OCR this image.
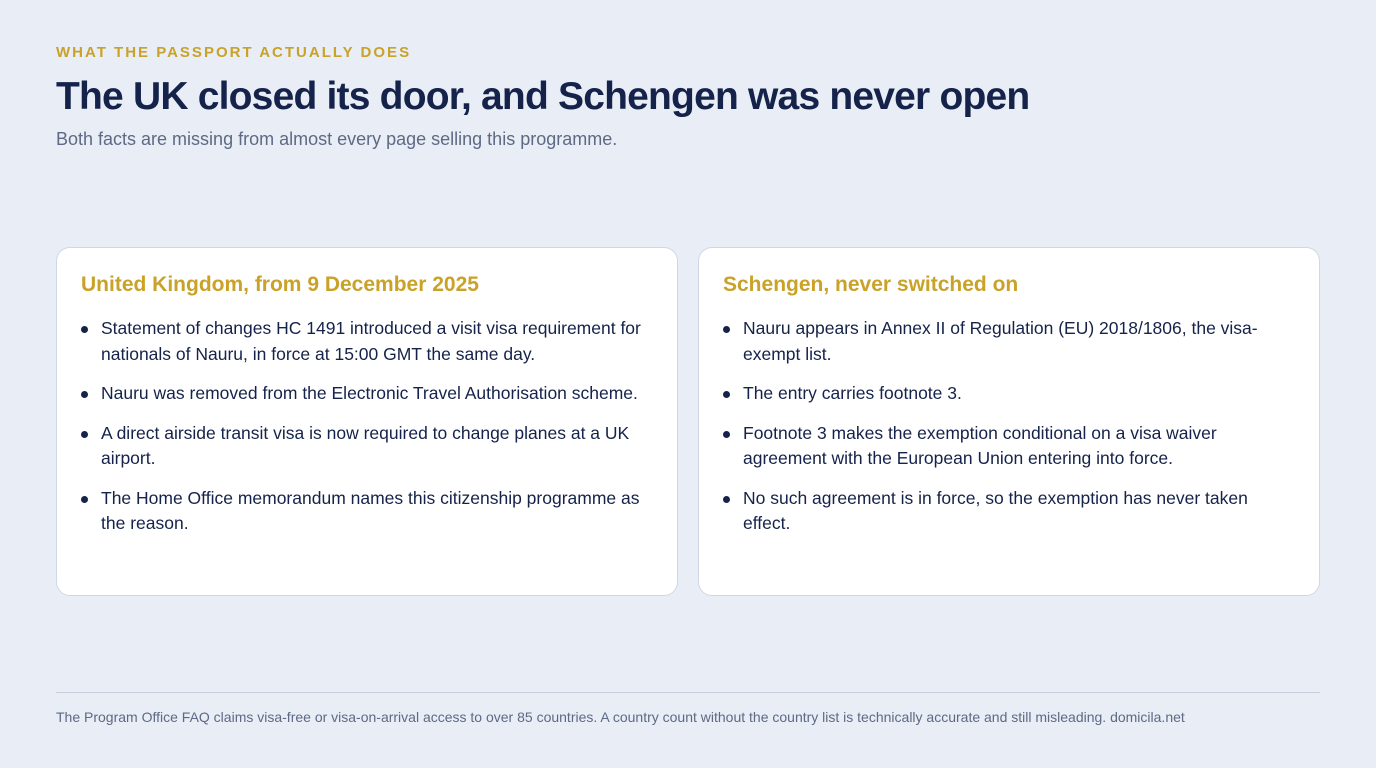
WHAT THE PASSPORT ACTUALLY DOES

The UK closed its door, and Schengen was never open

Both facts are missing from almost every page selling this programme.

United Kingdom, from 9 December 2025
Statement of changes HC 1491 introduced a visit visa requirement for nationals of Nauru, in force at 15:00 GMT the same day.
Nauru was removed from the Electronic Travel Authorisation scheme.
A direct airside transit visa is now required to change planes at a UK airport.
The Home Office memorandum names this citizenship programme as the reason.
Schengen, never switched on
Nauru appears in Annex II of Regulation (EU) 2018/1806, the visa-exempt list.
The entry carries footnote 3.
Footnote 3 makes the exemption conditional on a visa waiver agreement with the European Union entering into force.
No such agreement is in force, so the exemption has never taken effect.
The Program Office FAQ claims visa-free or visa-on-arrival access to over 85 countries. A country count without the country list is technically accurate and still misleading. domicila.net
